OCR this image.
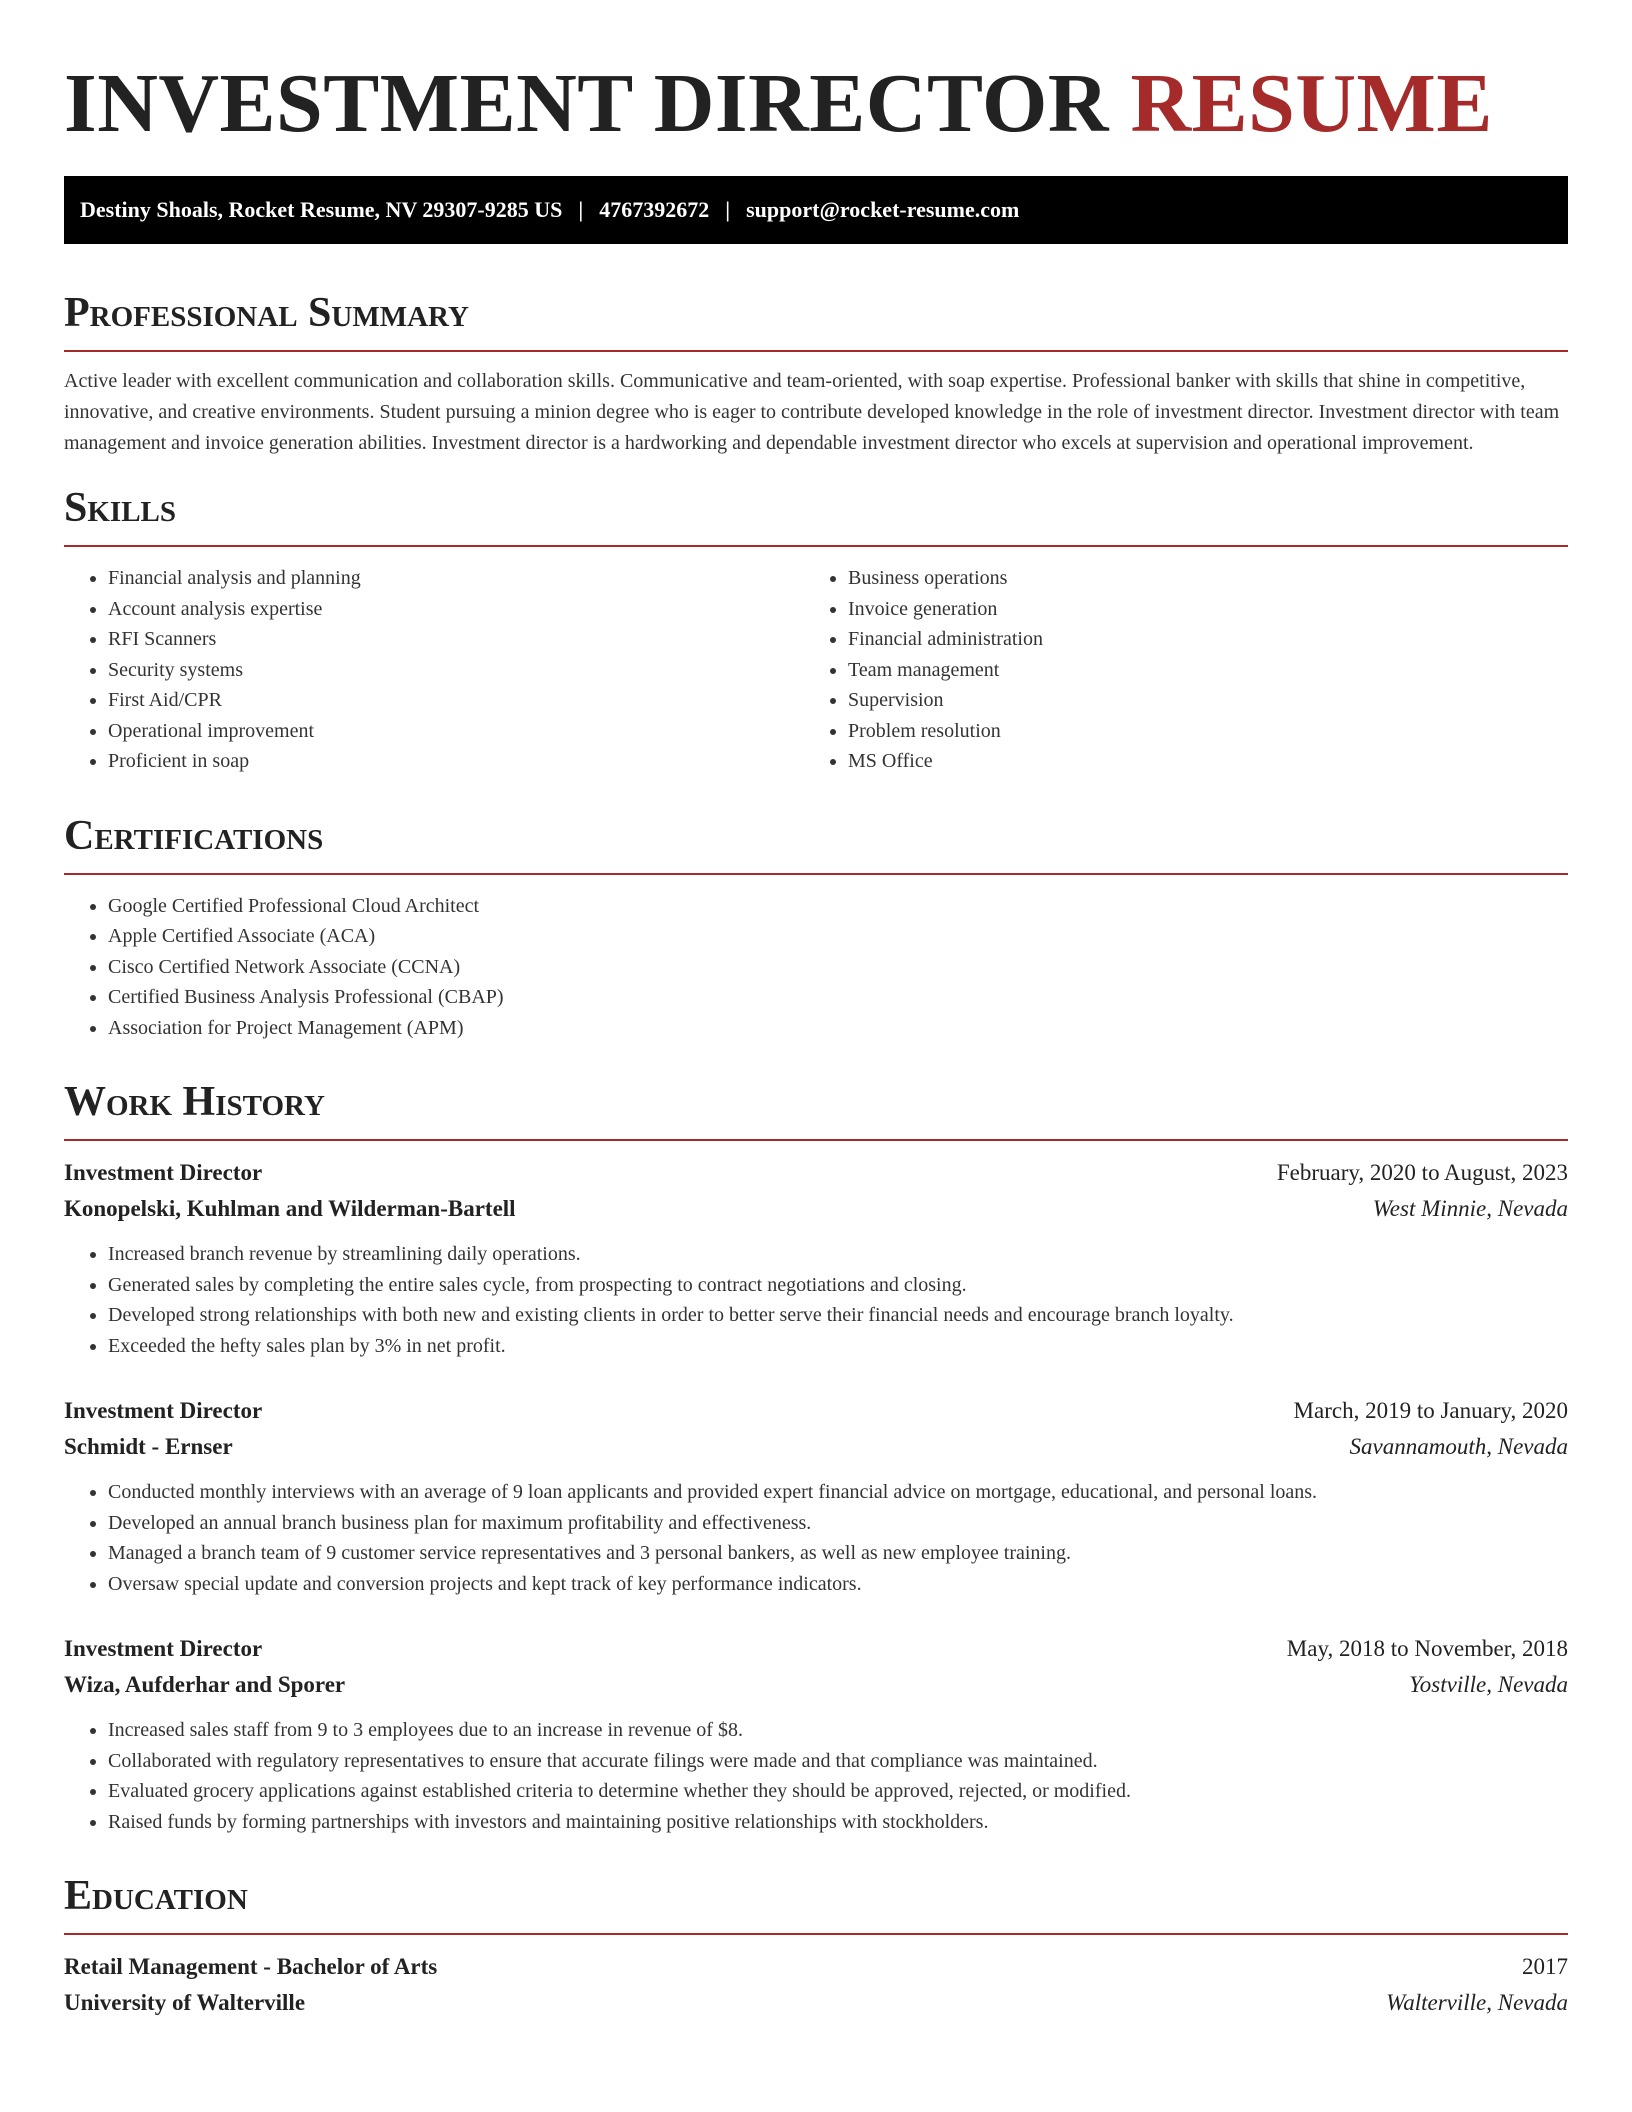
INVESTMENT DIRECTOR RESUME
Destiny Shoals, Rocket Resume, NV 29307-9285 US | 4767392672 | support@rocket-resume.com
Professional Summary

Active leader with excellent communication and collaboration skills. Communicative and team-oriented, with soap expertise. Professional banker with skills that shine in competitive, innovative, and creative environments. Student pursuing a minion degree who is eager to contribute developed knowledge in the role of investment director. Investment director with team management and invoice generation abilities. Investment director is a hardworking and dependable investment director who excels at supervision and operational improvement.

Skills
• Financial analysis and planning
• Account analysis expertise
• RFI Scanners
• Security systems
• First Aid/CPR
• Operational improvement
• Proficient in soap
• Business operations
• Invoice generation
• Financial administration
• Team management
• Supervision
• Problem resolution
• MS Office
Certifications
• Google Certified Professional Cloud Architect
• Apple Certified Associate (ACA)
• Cisco Certified Network Associate (CCNA)
• Certified Business Analysis Professional (CBAP)
• Association for Project Management (APM)
Work History
Investment Director	February, 2020 to August, 2023
Konopelski, Kuhlman and Wilderman-Bartell	West Minnie, Nevada
• Increased branch revenue by streamlining daily operations.
• Generated sales by completing the entire sales cycle, from prospecting to contract negotiations and closing.
• Developed strong relationships with both new and existing clients in order to better serve their financial needs and encourage branch loyalty.
• Exceeded the hefty sales plan by 3% in net profit.
Investment Director	March, 2019 to January, 2020
Schmidt - Ernser	Savannamouth, Nevada
• Conducted monthly interviews with an average of 9 loan applicants and provided expert financial advice on mortgage, educational, and personal loans.
• Developed an annual branch business plan for maximum profitability and effectiveness.
• Managed a branch team of 9 customer service representatives and 3 personal bankers, as well as new employee training.
• Oversaw special update and conversion projects and kept track of key performance indicators.
Investment Director	May, 2018 to November, 2018
Wiza, Aufderhar and Sporer	Yostville, Nevada
• Increased sales staff from 9 to 3 employees due to an increase in revenue of $8.
• Collaborated with regulatory representatives to ensure that accurate filings were made and that compliance was maintained.
• Evaluated grocery applications against established criteria to determine whether they should be approved, rejected, or modified.
• Raised funds by forming partnerships with investors and maintaining positive relationships with stockholders.
Education
Retail Management - Bachelor of Arts	2017
University of Walterville	Walterville, Nevada
